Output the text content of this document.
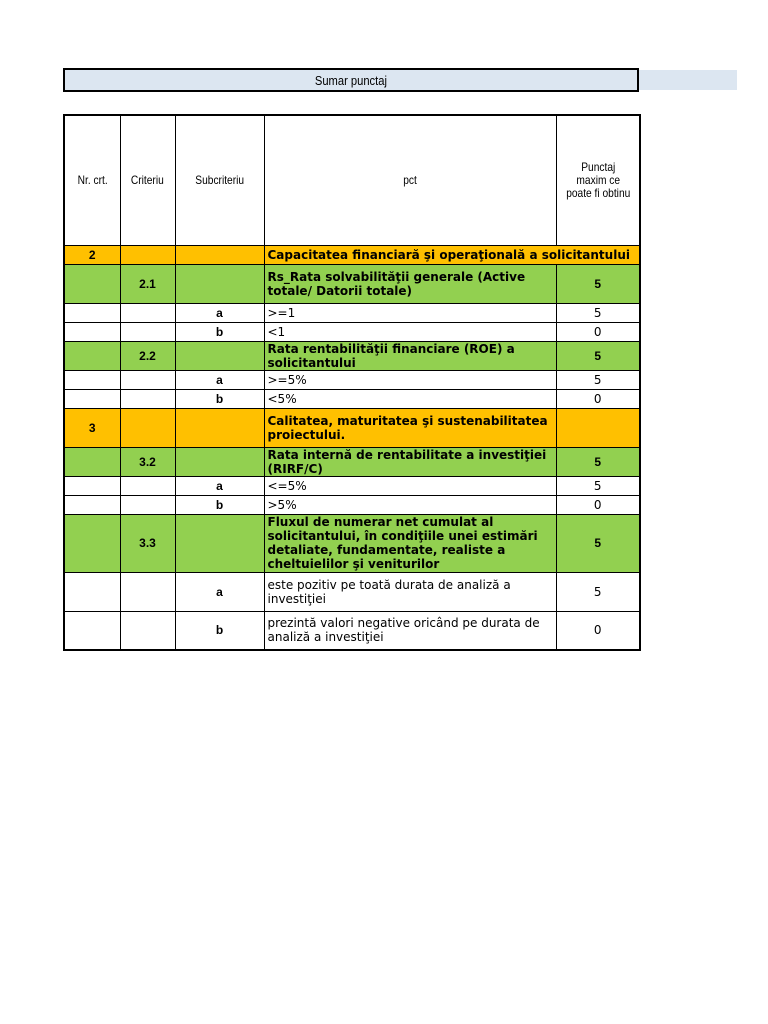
Sumar punctaj
Nr. crt.	Criteriu	Subcriteriu	pct	Punctaj maxim ce poate fi obtinu
2			Capacitatea financiară şi operaţională a solicitantului	
	2.1		Rs_Rata solvabilităţii generale (Active totale/ Datorii totale)	5
		a	>=1	5
		b	<1	0
	2.2		Rata rentabilităţii financiare (ROE) a solicitantului	5
		a	>=5%	5
		b	<5%	0
3			Calitatea, maturitatea şi sustenabilitatea proiectului.	
	3.2		Rata internă de rentabilitate a investiţiei (RIRF/C)	5
		a	<=5%	5
		b	>5%	0
	3.3		Fluxul de numerar net cumulat al solicitantului, în condiţiile unei estimări detaliate, fundamentate, realiste a cheltuielilor şi veniturilor	5
		a	este pozitiv pe toată durata de analiză a investiţiei	5
		b	prezintă valori negative oricând pe durata de analiză a investiţiei	0
